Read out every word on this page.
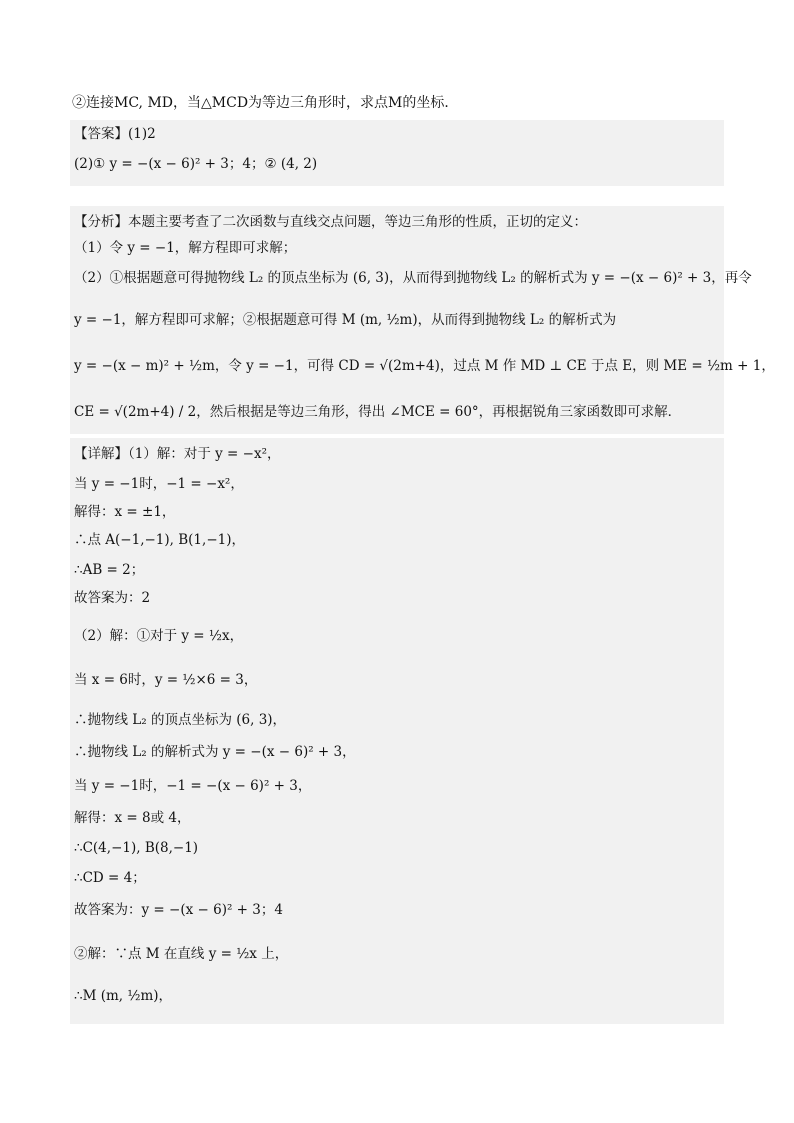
②连接MC, MD，当△MCD为等边三角形时，求点M的坐标．
【答案】(1)2
(2)① y = −(x − 6)² + 3；4；② (4, 2)
【分析】本题主要考查了二次函数与直线交点问题，等边三角形的性质，正切的定义：
（1）令 y = −1，解方程即可求解；
（2）①根据题意可得抛物线 L₂ 的顶点坐标为 (6, 3)，从而得到抛物线 L₂ 的解析式为 y = −(x − 6)² + 3，再令
y = −1，解方程即可求解；②根据题意可得 M (m, ½m)，从而得到抛物线 L₂ 的解析式为
y = −(x − m)² + ½m，令 y = −1，可得 CD = √(2m+4)，过点 M 作 MD ⊥ CE 于点 E，则 ME = ½m + 1，
CE = √(2m+4) / 2，然后根据是等边三角形，得出 ∠MCE = 60°，再根据锐角三家函数即可求解．
【详解】（1）解：对于 y = −x²，
当 y = −1时，−1 = −x²，
解得：x = ±1，
∴点 A(−1,−1), B(1,−1)，
∴AB = 2；
故答案为：2
（2）解：①对于 y = ½x，
当 x = 6时，y = ½×6 = 3，
∴抛物线 L₂ 的顶点坐标为 (6, 3)，
∴抛物线 L₂ 的解析式为 y = −(x − 6)² + 3，
当 y = −1时，−1 = −(x − 6)² + 3，
解得：x = 8或 4，
∴C(4,−1), B(8,−1)
∴CD = 4；
故答案为：y = −(x − 6)² + 3；4
②解：∵点 M 在直线 y = ½x 上，
∴M (m, ½m)，
